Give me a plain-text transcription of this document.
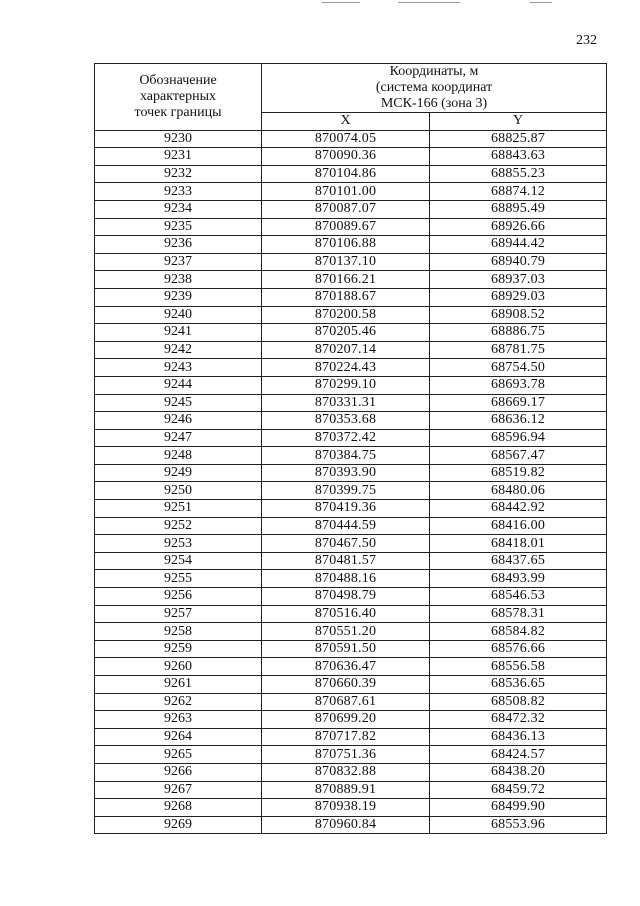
232
Обозначение
характерных
точек границы	Координаты, м
(система координат
МСК-166 (зона 3)	

	X	Y
9230	870074.05	68825.87
9231	870090.36	68843.63
9232	870104.86	68855.23
9233	870101.00	68874.12
9234	870087.07	68895.49
9235	870089.67	68926.66
9236	870106.88	68944.42
9237	870137.10	68940.79
9238	870166.21	68937.03
9239	870188.67	68929.03
9240	870200.58	68908.52
9241	870205.46	68886.75
9242	870207.14	68781.75
9243	870224.43	68754.50
9244	870299.10	68693.78
9245	870331.31	68669.17
9246	870353.68	68636.12
9247	870372.42	68596.94
9248	870384.75	68567.47
9249	870393.90	68519.82
9250	870399.75	68480.06
9251	870419.36	68442.92
9252	870444.59	68416.00
9253	870467.50	68418.01
9254	870481.57	68437.65
9255	870488.16	68493.99
9256	870498.79	68546.53
9257	870516.40	68578.31
9258	870551.20	68584.82
9259	870591.50	68576.66
9260	870636.47	68556.58
9261	870660.39	68536.65
9262	870687.61	68508.82
9263	870699.20	68472.32
9264	870717.82	68436.13
9265	870751.36	68424.57
9266	870832.88	68438.20
9267	870889.91	68459.72
9268	870938.19	68499.90
9269	870960.84	68553.96
